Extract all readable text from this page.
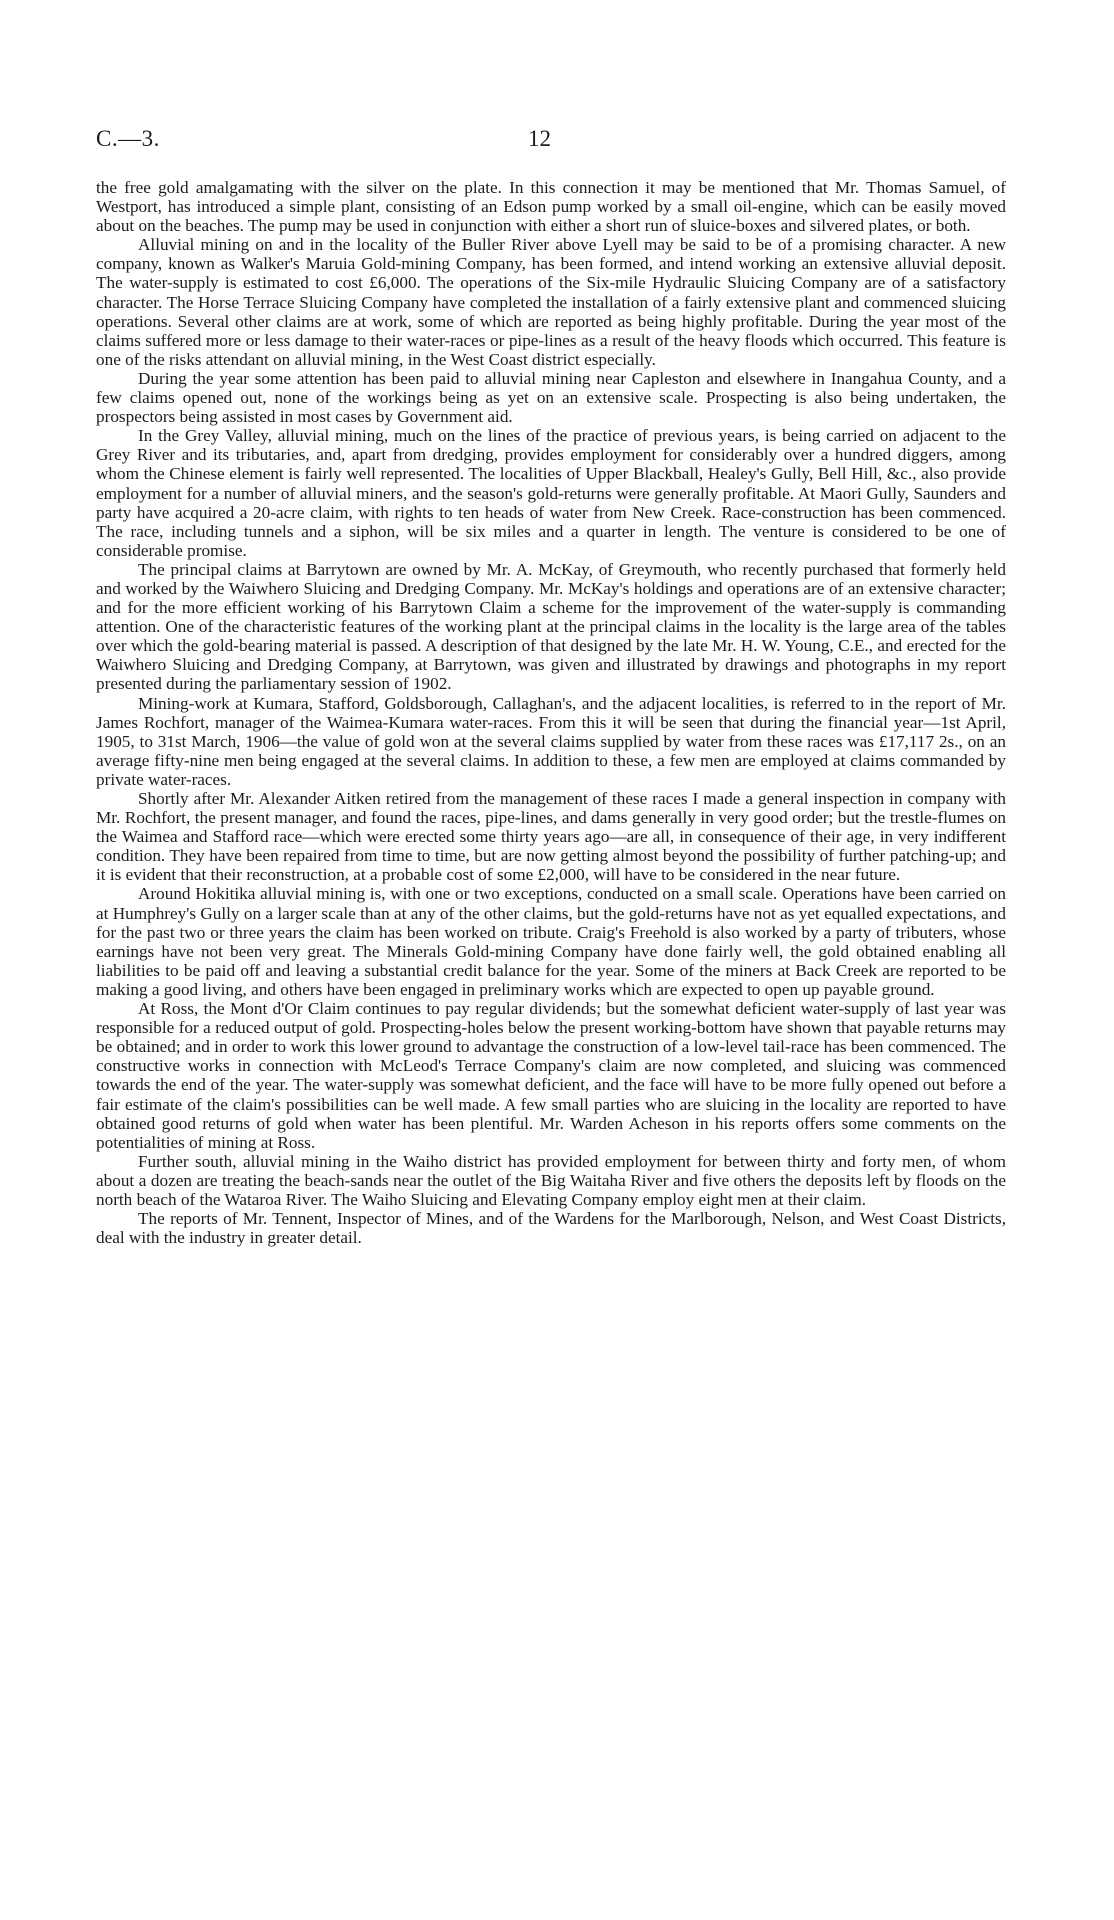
C.—3.	12

the free gold amalgamating with the silver on the plate. In this connection it may be mentioned that Mr. Thomas Samuel, of Westport, has introduced a simple plant, consisting of an Edson pump worked by a small oil-engine, which can be easily moved about on the beaches. The pump may be used in conjunction with either a short run of sluice-boxes and silvered plates, or both.

Alluvial mining on and in the locality of the Buller River above Lyell may be said to be of a promising character. A new company, known as Walker's Maruia Gold-mining Company, has been formed, and intend working an extensive alluvial deposit. The water-supply is estimated to cost £6,000. The operations of the Six-mile Hydraulic Sluicing Company are of a satisfactory character. The Horse Terrace Sluicing Company have completed the installation of a fairly extensive plant and commenced sluicing operations. Several other claims are at work, some of which are reported as being highly profitable. During the year most of the claims suffered more or less damage to their water-races or pipe-lines as a result of the heavy floods which occurred. This feature is one of the risks attendant on alluvial mining, in the West Coast district especially.

During the year some attention has been paid to alluvial mining near Capleston and elsewhere in Inangahua County, and a few claims opened out, none of the workings being as yet on an extensive scale. Prospecting is also being undertaken, the prospectors being assisted in most cases by Government aid.

In the Grey Valley, alluvial mining, much on the lines of the practice of previous years, is being carried on adjacent to the Grey River and its tributaries, and, apart from dredging, provides employment for considerably over a hundred diggers, among whom the Chinese element is fairly well represented. The localities of Upper Blackball, Healey's Gully, Bell Hill, &c., also provide employment for a number of alluvial miners, and the season's gold-returns were generally profitable. At Maori Gully, Saunders and party have acquired a 20-acre claim, with rights to ten heads of water from New Creek. Race-construction has been commenced. The race, including tunnels and a siphon, will be six miles and a quarter in length. The venture is considered to be one of considerable promise.

The principal claims at Barrytown are owned by Mr. A. McKay, of Greymouth, who recently purchased that formerly held and worked by the Waiwhero Sluicing and Dredging Company. Mr. McKay's holdings and operations are of an extensive character; and for the more efficient working of his Barrytown Claim a scheme for the improvement of the water-supply is commanding attention. One of the characteristic features of the working plant at the principal claims in the locality is the large area of the tables over which the gold-bearing material is passed. A description of that designed by the late Mr. H. W. Young, C.E., and erected for the Waiwhero Sluicing and Dredging Company, at Barrytown, was given and illustrated by drawings and photographs in my report presented during the parliamentary session of 1902.

Mining-work at Kumara, Stafford, Goldsborough, Callaghan's, and the adjacent localities, is referred to in the report of Mr. James Rochfort, manager of the Waimea-Kumara water-races. From this it will be seen that during the financial year—1st April, 1905, to 31st March, 1906—the value of gold won at the several claims supplied by water from these races was £17,117 2s., on an average fifty-nine men being engaged at the several claims. In addition to these, a few men are employed at claims commanded by private water-races.

Shortly after Mr. Alexander Aitken retired from the management of these races I made a general inspection in company with Mr. Rochfort, the present manager, and found the races, pipe-lines, and dams generally in very good order; but the trestle-flumes on the Waimea and Stafford race—which were erected some thirty years ago—are all, in consequence of their age, in very indifferent condition. They have been repaired from time to time, but are now getting almost beyond the possibility of further patching-up; and it is evident that their reconstruction, at a probable cost of some £2,000, will have to be considered in the near future.

Around Hokitika alluvial mining is, with one or two exceptions, conducted on a small scale. Operations have been carried on at Humphrey's Gully on a larger scale than at any of the other claims, but the gold-returns have not as yet equalled expectations, and for the past two or three years the claim has been worked on tribute. Craig's Freehold is also worked by a party of tributers, whose earnings have not been very great. The Minerals Gold-mining Company have done fairly well, the gold obtained enabling all liabilities to be paid off and leaving a substantial credit balance for the year. Some of the miners at Back Creek are reported to be making a good living, and others have been engaged in preliminary works which are expected to open up payable ground.

At Ross, the Mont d'Or Claim continues to pay regular dividends; but the somewhat deficient water-supply of last year was responsible for a reduced output of gold. Prospecting-holes below the present working-bottom have shown that payable returns may be obtained; and in order to work this lower ground to advantage the construction of a low-level tail-race has been commenced. The constructive works in connection with McLeod's Terrace Company's claim are now completed, and sluicing was commenced towards the end of the year. The water-supply was somewhat deficient, and the face will have to be more fully opened out before a fair estimate of the claim's possibilities can be well made. A few small parties who are sluicing in the locality are reported to have obtained good returns of gold when water has been plentiful. Mr. Warden Acheson in his reports offers some comments on the potentialities of mining at Ross.

Further south, alluvial mining in the Waiho district has provided employment for between thirty and forty men, of whom about a dozen are treating the beach-sands near the outlet of the Big Waitaha River and five others the deposits left by floods on the north beach of the Wataroa River. The Waiho Sluicing and Elevating Company employ eight men at their claim.

The reports of Mr. Tennent, Inspector of Mines, and of the Wardens for the Marlborough, Nelson, and West Coast Districts, deal with the industry in greater detail.
